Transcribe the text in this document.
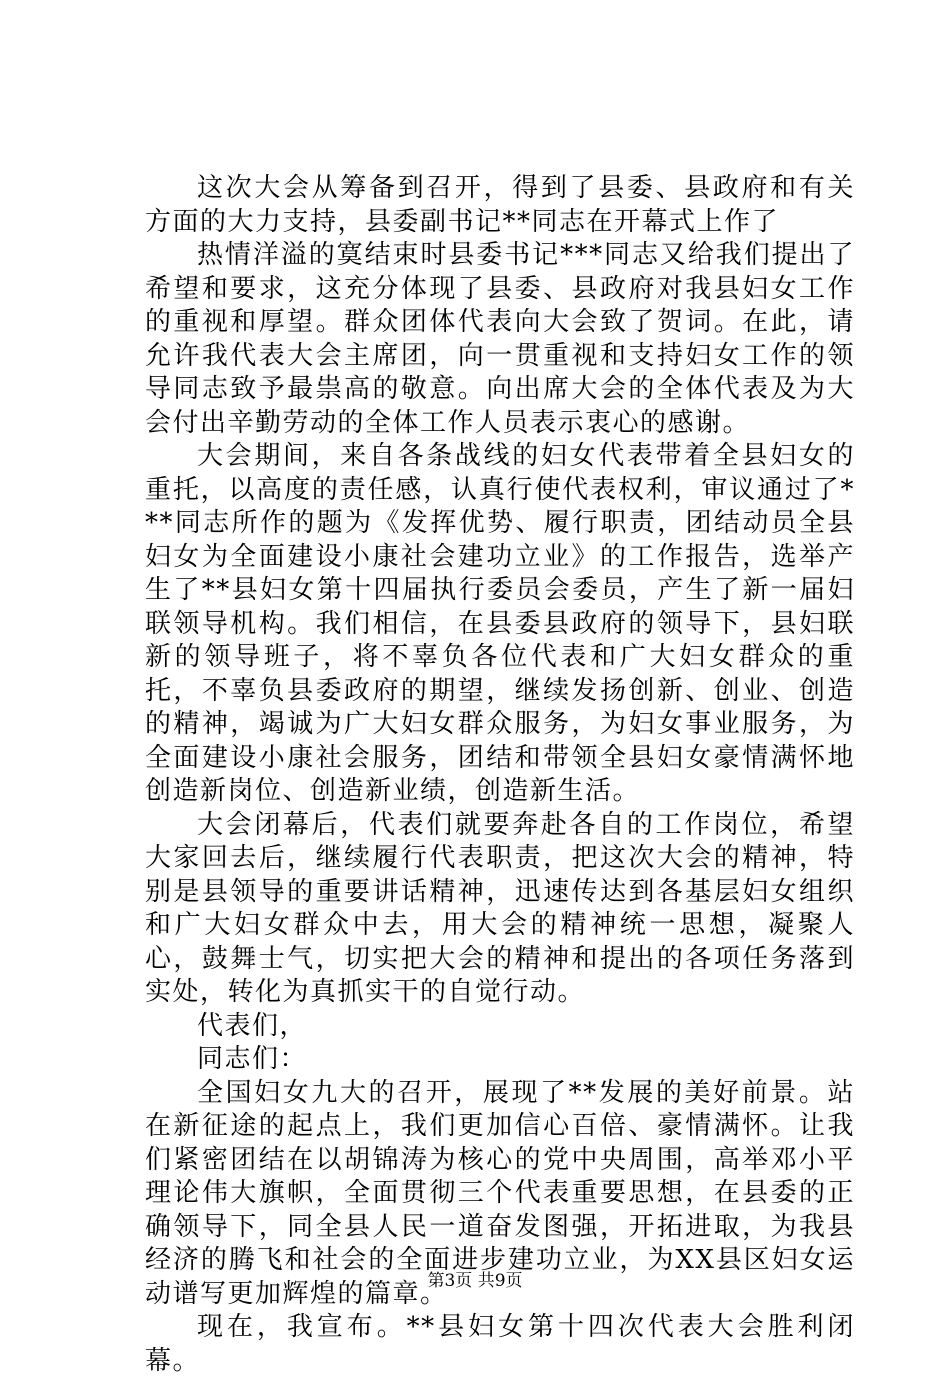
这次大会从筹备到召开，得到了县委、县政府和有关方面的大力支持，县委副书记**同志在开幕式上作了

热情洋溢的寞结束时县委书记***同志又给我们提出了希望和要求，这充分体现了县委、县政府对我县妇女工作的重视和厚望。群众团体代表向大会致了贺词。在此，请允许我代表大会主席团，向一贯重视和支持妇女工作的领导同志致予最祟高的敬意。向出席大会的全体代表及为大会付出辛勤劳动的全体工作人员表示衷心的感谢。

大会期间，来自各条战线的妇女代表带着全县妇女的重托，以高度的责任感，认真行使代表权利，审议通过了***同志所作的题为《发挥优势、履行职责，团结动员全县妇女为全面建设小康社会建功立业》的工作报告，选举产生了**县妇女第十四届执行委员会委员，产生了新一届妇联领导机构。我们相信，在县委县政府的领导下，县妇联新的领导班子，将不辜负各位代表和广大妇女群众的重托，不辜负县委政府的期望，继续发扬创新、创业、创造的精神，竭诚为广大妇女群众服务，为妇女事业服务，为全面建设小康社会服务，团结和带领全县妇女豪情满怀地创造新岗位、创造新业绩，创造新生活。

大会闭幕后，代表们就要奔赴各自的工作岗位，希望大家回去后，继续履行代表职责，把这次大会的精神，特别是县领导的重要讲话精神，迅速传达到各基层妇女组织和广大妇女群众中去，用大会的精神统一思想，凝聚人心，鼓舞士气，切实把大会的精神和提出的各项任务落到实处，转化为真抓实干的自觉行动。

代表们，

同志们：

全国妇女九大的召开，展现了**发展的美好前景。站在新征途的起点上，我们更加信心百倍、豪情满怀。让我们紧密团结在以胡锦涛为核心的党中央周围，高举邓小平理论伟大旗帜，全面贯彻三个代表重要思想，在县委的正确领导下，同全县人民一道奋发图强，开拓进取，为我县经济的腾飞和社会的全面进步建功立业，为XX县区妇女运动谱写更加辉煌的篇章。

现在，我宣布。**县妇女第十四次代表大会胜利闭幕。

第3页 共9页
